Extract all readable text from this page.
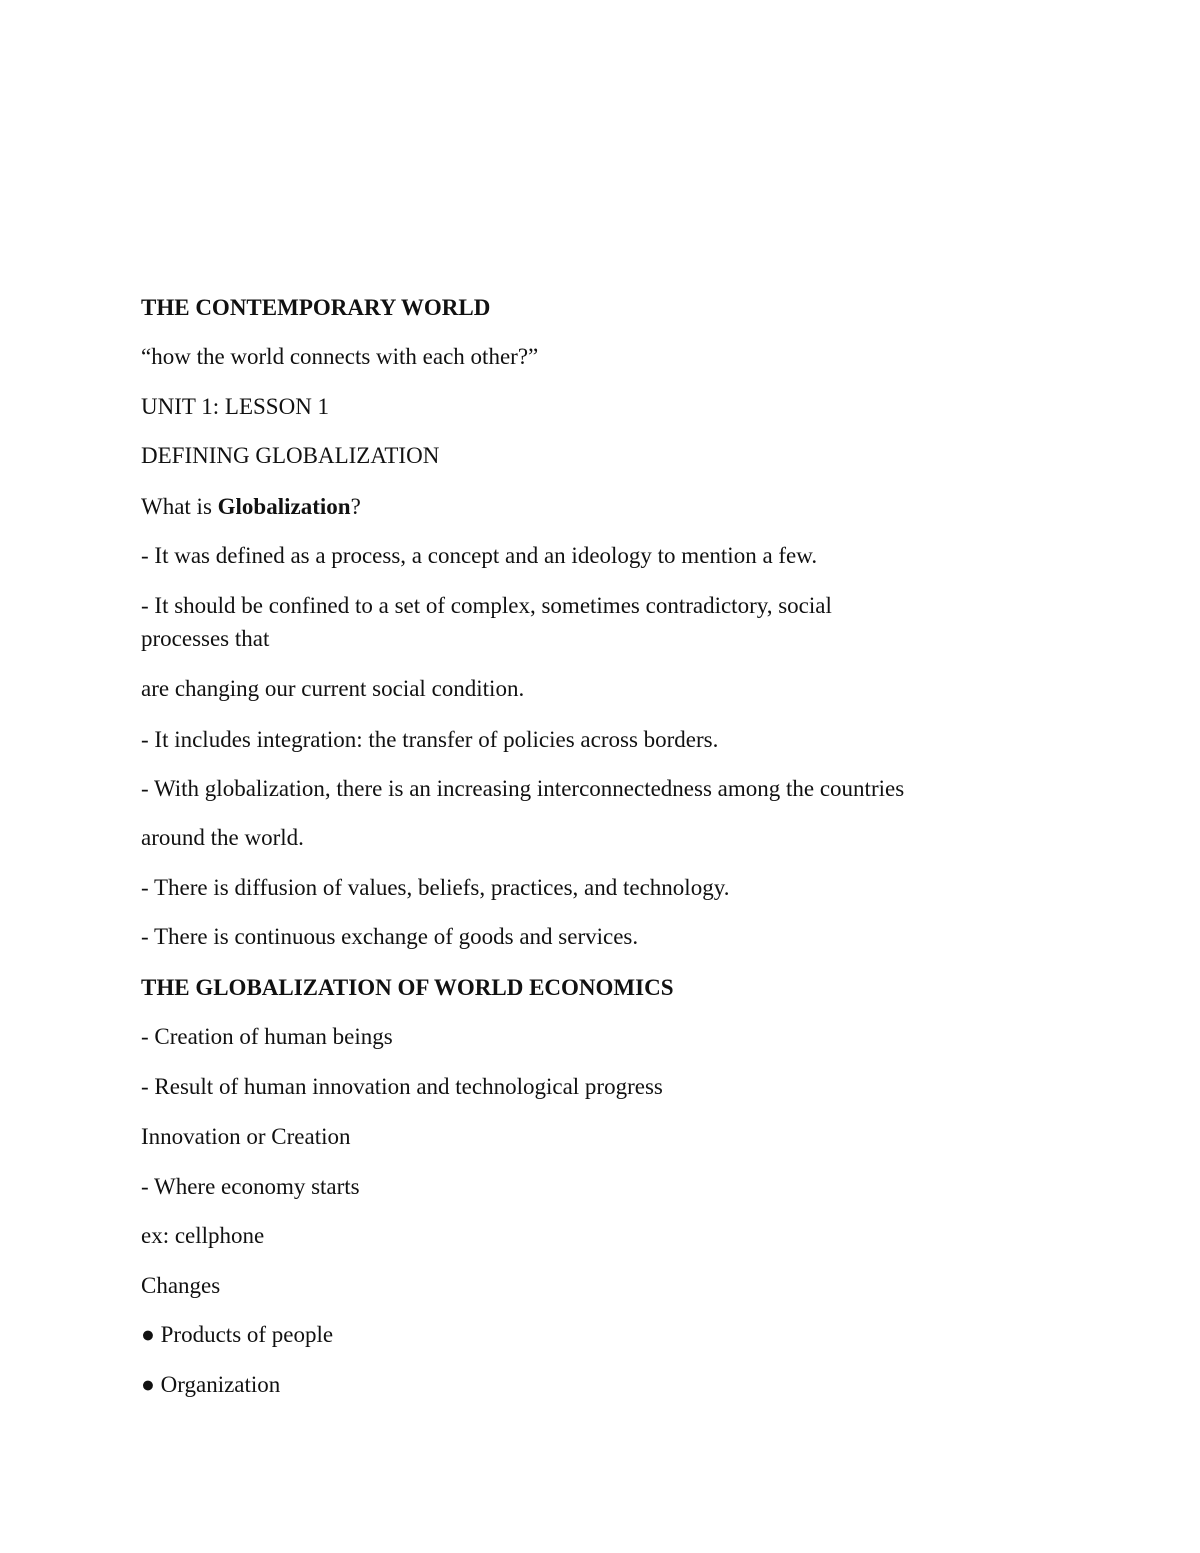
THE CONTEMPORARY WORLD
“how the world connects with each other?”
UNIT 1: LESSON 1
DEFINING GLOBALIZATION
What is Globalization?
- It was defined as a process, a concept and an ideology to mention a few.
- It should be confined to a set of complex, sometimes contradictory, social
processes that
are changing our current social condition.
- It includes integration: the transfer of policies across borders.
- With globalization, there is an increasing interconnectedness among the countries
around the world.
- There is diffusion of values, beliefs, practices, and technology.
- There is continuous exchange of goods and services.
THE GLOBALIZATION OF WORLD ECONOMICS
- Creation of human beings
- Result of human innovation and technological progress
Innovation or Creation
- Where economy starts
ex: cellphone
Changes
● Products of people
● Organization
